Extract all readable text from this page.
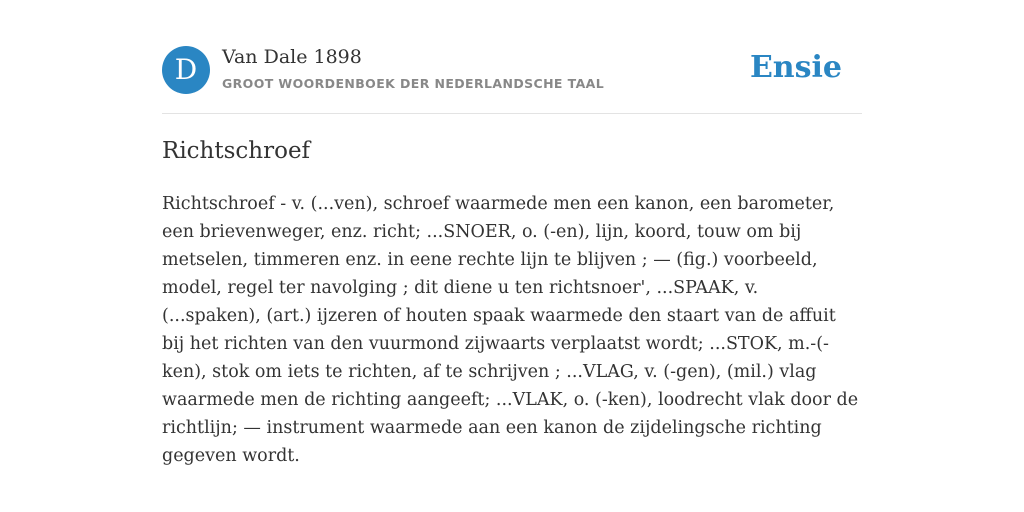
D	Van Dale 1898
GROOT WOORDENBOEK DER NEDERLANDSCHE TAAL	Ensie
Richtschroef

Richtschroef - v. (...ven), schroef waarmede men een kanon, een barometer, een brievenweger, enz. richt; ...SNOER, o. (-en), lijn, koord, touw om bij metselen, timmeren enz. in eene rechte lijn te blijven ; — (fig.) voorbeeld, model, regel ter navolging ; dit diene u ten richtsnoer', ...SPAAK, v. (...spaken), (art.) ijzeren of houten spaak waarmede den staart van de affuit bij het richten van den vuurmond zijwaarts verplaatst wordt; ...STOK, m.-(-ken), stok om iets te richten, af te schrijven ; ...VLAG, v. (-gen), (mil.) vlag waarmede men de richting aangeeft; ...VLAK, o. (-ken), loodrecht vlak door de richtlijn; — instrument waarmede aan een kanon de zijdelingsche richting gegeven wordt.
